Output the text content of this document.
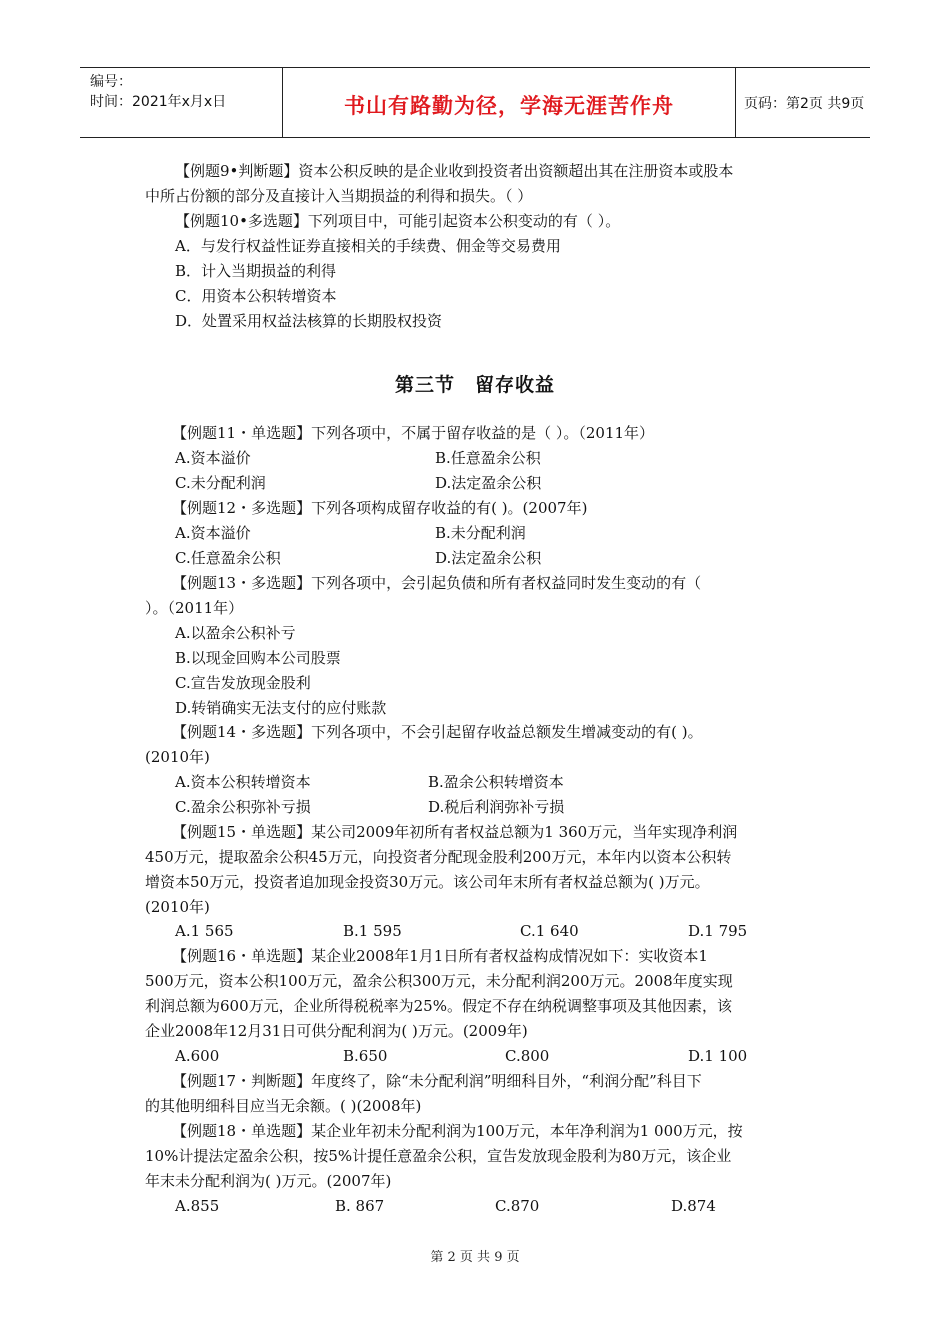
编号：
时间：2021年x月x日	书山有路勤为径，学海无涯苦作舟	页码：第2页 共9页
【例题9•判断题】资本公积反映的是企业收到投资者出资额超出其在注册资本或股本
中所占份额的部分及直接计入当期损益的利得和损失。（ ）
【例题10•多选题】下列项目中，可能引起资本公积变动的有（ ）。
A．与发行权益性证券直接相关的手续费、佣金等交易费用
B．计入当期损益的利得
C．用资本公积转增资本
D．处置采用权益法核算的长期股权投资
第三节　留存收益
【例题11・单选题】下列各项中，不属于留存收益的是（ ）。（2011年）
A.资本溢价	B.任意盈余公积
C.未分配利润	D.法定盈余公积
【例题12・多选题】下列各项构成留存收益的有( )。(2007年)
A.资本溢价	B.未分配利润
C.任意盈余公积	D.法定盈余公积
【例题13・多选题】下列各项中，会引起负债和所有者权益同时发生变动的有（
）。（2011年）
A.以盈余公积补亏
B.以现金回购本公司股票
C.宣告发放现金股利
D.转销确实无法支付的应付账款
【例题14・多选题】下列各项中，不会引起留存收益总额发生增减变动的有( )。
(2010年)
A.资本公积转增资本	B.盈余公积转增资本
C.盈余公积弥补亏损	D.税后利润弥补亏损
【例题15・单选题】某公司2009年初所有者权益总额为1 360万元，当年实现净利润
450万元，提取盈余公积45万元，向投资者分配现金股利200万元，本年内以资本公积转
增资本50万元，投资者追加现金投资30万元。该公司年末所有者权益总额为( )万元。
(2010年)
A.1 565	B.1 595	C.1 640	D.1 795
【例题16・单选题】某企业2008年1月1日所有者权益构成情况如下：实收资本1
500万元，资本公积100万元，盈余公积300万元，未分配利润200万元。2008年度实现
利润总额为600万元，企业所得税税率为25%。假定不存在纳税调整事项及其他因素，该
企业2008年12月31日可供分配利润为( )万元。(2009年)
A.600	B.650	C.800	D.1 100
【例题17・判断题】年度终了，除“未分配利润”明细科目外，“利润分配”科目下
的其他明细科目应当无余额。( )(2008年)
【例题18・单选题】某企业年初未分配利润为100万元，本年净利润为1 000万元，按
10%计提法定盈余公积，按5%计提任意盈余公积，宣告发放现金股利为80万元，该企业
年末未分配利润为( )万元。(2007年)
A.855	B. 867	C.870	D.874
第 2 页 共 9 页
